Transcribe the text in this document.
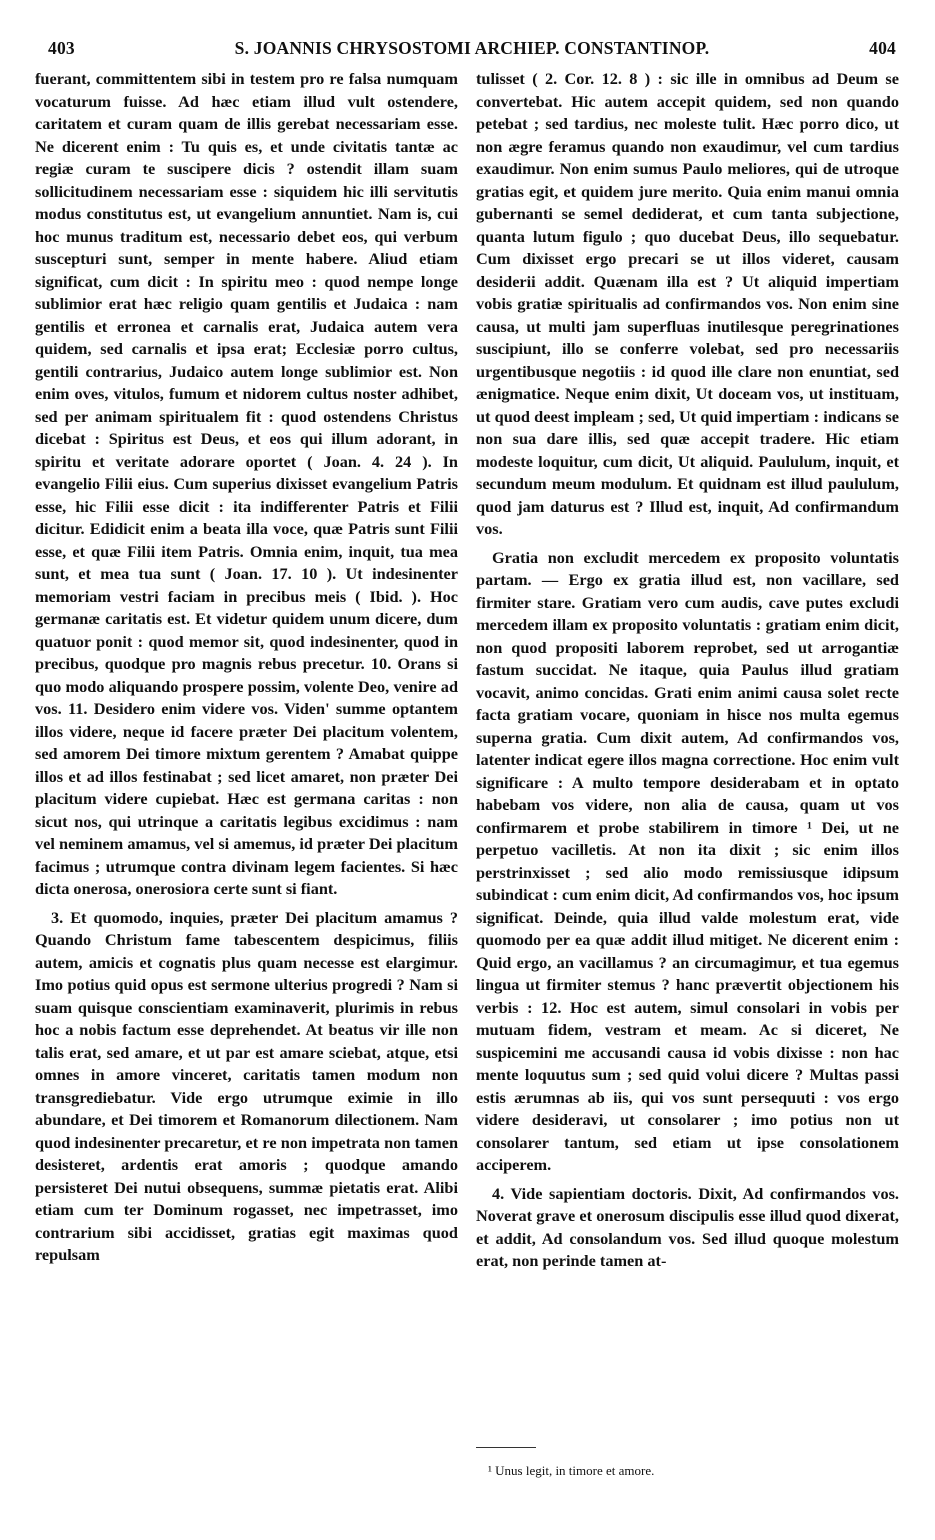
403	S. JOANNIS CHRYSOSTOMI ARCHIEP. CONSTANTINOP.	404

fuerant, committentem sibi in testem pro re falsa numquam vocaturum fuisse. Ad hæc etiam illud vult ostendere, caritatem et curam quam de illis gerebat necessariam esse. Ne dicerent enim : Tu quis es, et unde civitatis tantæ ac regiæ curam te suscipere dicis ? ostendit illam suam sollicitudinem necessariam esse : siquidem hic illi servitutis modus constitutus est, ut evangelium annuntiet. Nam is, cui hoc munus traditum est, necessario debet eos, qui verbum suscepturi sunt, semper in mente habere. Aliud etiam significat, cum dicit : In spiritu meo : quod nempe longe sublimior erat hæc religio quam gentilis et Judaica : nam gentilis et erronea et carnalis erat, Judaica autem vera quidem, sed carnalis et ipsa erat; Ecclesiæ porro cultus, gentili contrarius, Judaico autem longe sublimior est. Non enim oves, vitulos, fumum et nidorem cultus noster adhibet, sed per animam spiritualem fit : quod ostendens Christus dicebat : Spiritus est Deus, et eos qui illum adorant, in spiritu et veritate adorare oportet ( Joan. 4. 24 ). In evangelio Filii eius. Cum superius dixisset evangelium Patris esse, hic Filii esse dicit : ita indifferenter Patris et Filii dicitur. Edidicit enim a beata illa voce, quæ Patris sunt Filii esse, et quæ Filii item Patris. Omnia enim, inquit, tua mea sunt, et mea tua sunt ( Joan. 17. 10 ). Ut indesinenter memoriam vestri faciam in precibus meis ( Ibid. ). Hoc germanæ caritatis est. Et videtur quidem unum dicere, dum quatuor ponit : quod memor sit, quod indesinenter, quod in precibus, quodque pro magnis rebus precetur. 10. Orans si quo modo aliquando prospere possim, volente Deo, venire ad vos. 11. Desidero enim videre vos. Viden' summe optantem illos videre, neque id facere præter Dei placitum volentem, sed amorem Dei timore mixtum gerentem ? Amabat quippe illos et ad illos festinabat ; sed licet amaret, non præter Dei placitum videre cupiebat. Hæc est germana caritas : non sicut nos, qui utrinque a caritatis legibus excidimus : nam vel neminem amamus, vel si amemus, id præter Dei placitum facimus ; utrumque contra divinam legem facientes. Si hæc dicta onerosa, onerosiora certe sunt si fiant.

3. Et quomodo, inquies, præter Dei placitum amamus ? Quando Christum fame tabescentem despicimus, filiis autem, amicis et cognatis plus quam necesse est elargimur. Imo potius quid opus est sermone ulterius progredi ? Nam si suam quisque conscientiam examinaverit, plurimis in rebus hoc a nobis factum esse deprehendet. At beatus vir ille non talis erat, sed amare, et ut par est amare sciebat, atque, etsi omnes in amore vinceret, caritatis tamen modum non transgrediebatur. Vide ergo utrumque eximie in illo abundare, et Dei timorem et Romanorum dilectionem. Nam quod indesinenter precaretur, et re non impetrata non tamen desisteret, ardentis erat amoris ; quodque amando persisteret Dei nutui obsequens, summæ pietatis erat. Alibi etiam cum ter Dominum rogasset, nec impetrasset, imo contrarium sibi accidisset, gratias egit maximas quod repulsam

tulisset ( 2. Cor. 12. 8 ) : sic ille in omnibus ad Deum se convertebat. Hic autem accepit quidem, sed non quando petebat ; sed tardius, nec moleste tulit. Hæc porro dico, ut non ægre feramus quando non exaudimur, vel cum tardius exaudimur. Non enim sumus Paulo meliores, qui de utroque gratias egit, et quidem jure merito. Quia enim manui omnia gubernanti se semel dediderat, et cum tanta subjectione, quanta lutum figulo ; quo ducebat Deus, illo sequebatur. Cum dixisset ergo precari se ut illos videret, causam desiderii addit. Quænam illa est ? Ut aliquid impertiam vobis gratiæ spiritualis ad confirmandos vos. Non enim sine causa, ut multi jam superfluas inutilesque peregrinationes suscipiunt, illo se conferre volebat, sed pro necessariis urgentibusque negotiis : id quod ille clare non enuntiat, sed ænigmatice. Neque enim dixit, Ut doceam vos, ut instituam, ut quod deest impleam ; sed, Ut quid impertiam : indicans se non sua dare illis, sed quæ accepit tradere. Hic etiam modeste loquitur, cum dicit, Ut aliquid. Paululum, inquit, et secundum meum modulum. Et quidnam est illud paululum, quod jam daturus est ? Illud est, inquit, Ad confirmandum vos.

Gratia non excludit mercedem ex proposito voluntatis partam. — Ergo ex gratia illud est, non vacillare, sed firmiter stare. Gratiam vero cum audis, cave putes excludi mercedem illam ex proposito voluntatis : gratiam enim dicit, non quod propositi laborem reprobet, sed ut arrogantiæ fastum succidat. Ne itaque, quia Paulus illud gratiam vocavit, animo concidas. Grati enim animi causa solet recte facta gratiam vocare, quoniam in hisce nos multa egemus superna gratia. Cum dixit autem, Ad confirmandos vos, latenter indicat egere illos magna correctione. Hoc enim vult significare : A multo tempore desiderabam et in optato habebam vos videre, non alia de causa, quam ut vos confirmarem et probe stabilirem in timore ¹ Dei, ut ne perpetuo vacilletis. At non ita dixit ; sic enim illos perstrinxisset ; sed alio modo remissiusque idipsum subindicat : cum enim dicit, Ad confirmandos vos, hoc ipsum significat. Deinde, quia illud valde molestum erat, vide quomodo per ea quæ addit illud mitiget. Ne dicerent enim : Quid ergo, an vacillamus ? an circumagimur, et tua egemus lingua ut firmiter stemus ? hanc prævertit objectionem his verbis : 12. Hoc est autem, simul consolari in vobis per mutuam fidem, vestram et meam. Ac si diceret, Ne suspicemini me accusandi causa id vobis dixisse : non hac mente loquutus sum ; sed quid volui dicere ? Multas passi estis ærumnas ab iis, qui vos sunt persequuti : vos ergo videre desideravi, ut consolarer ; imo potius non ut consolarer tantum, sed etiam ut ipse consolationem acciperem.

4. Vide sapientiam doctoris. Dixit, Ad confirmandos vos. Noverat grave et onerosum discipulis esse illud quod dixerat, et addit, Ad consolandum vos. Sed illud quoque molestum erat, non perinde tamen at-

¹ Unus legit, in timore et amore.
